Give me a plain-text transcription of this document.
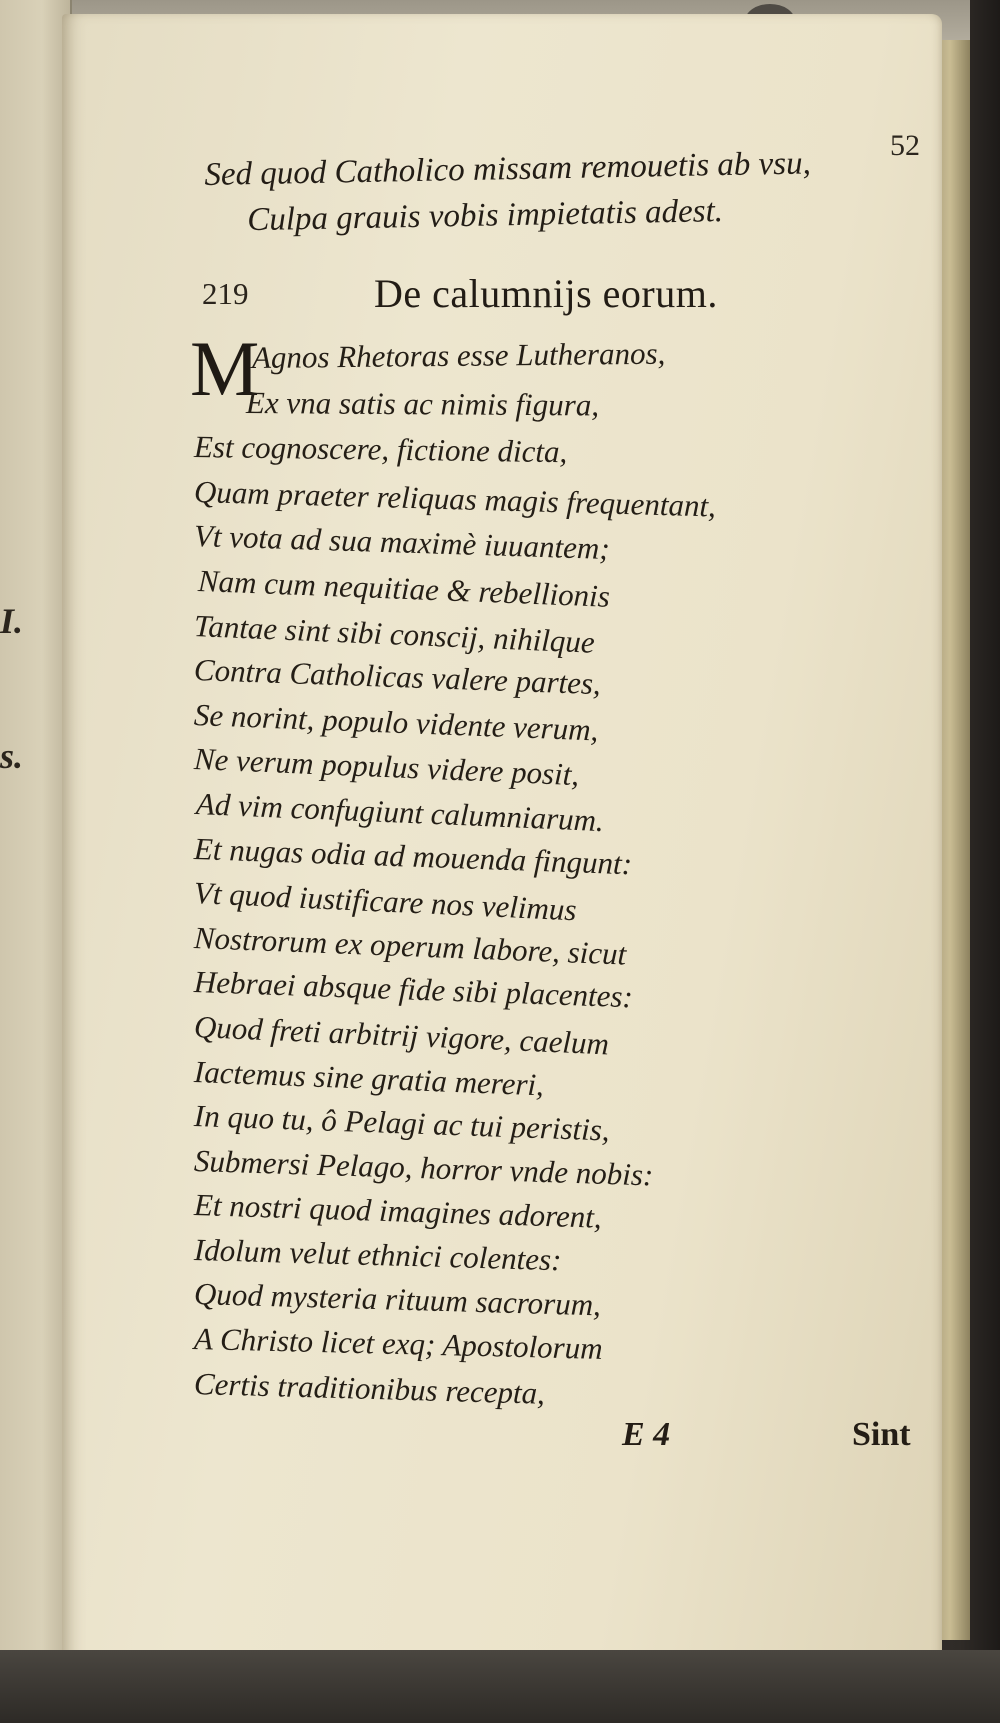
I.
s.
52
Sed quod Catholico missam remouetis ab vsu,
Culpa grauis vobis impietatis adest.
219	De calumnijs eorum.
M
Agnos Rhetoras esse Lutheranos,
Ex vna satis ac nimis figura,
Est cognoscere, fictione dicta,
Quam praeter reliquas magis frequentant,
Vt vota ad sua maximè iuuantem;
Nam cum nequitiae & rebellionis
Tantae sint sibi conscij, nihilque
Contra Catholicas valere partes,
Se norint, populo vidente verum,
Ne verum populus videre posit,
Ad vim confugiunt calumniarum.
Et nugas odia ad mouenda fingunt:
Vt quod iustificare nos velimus
Nostrorum ex operum labore, sicut
Hebraei absque fide sibi placentes:
Quod freti arbitrij vigore, caelum
Iactemus sine gratia mereri,
In quo tu, ô Pelagi ac tui peristis,
Submersi Pelago, horror vnde nobis:
Et nostri quod imagines adorent,
Idolum velut ethnici colentes:
Quod mysteria rituum sacrorum,
A Christo licet exq; Apostolorum
Certis traditionibus recepta,
E 4	Sint
